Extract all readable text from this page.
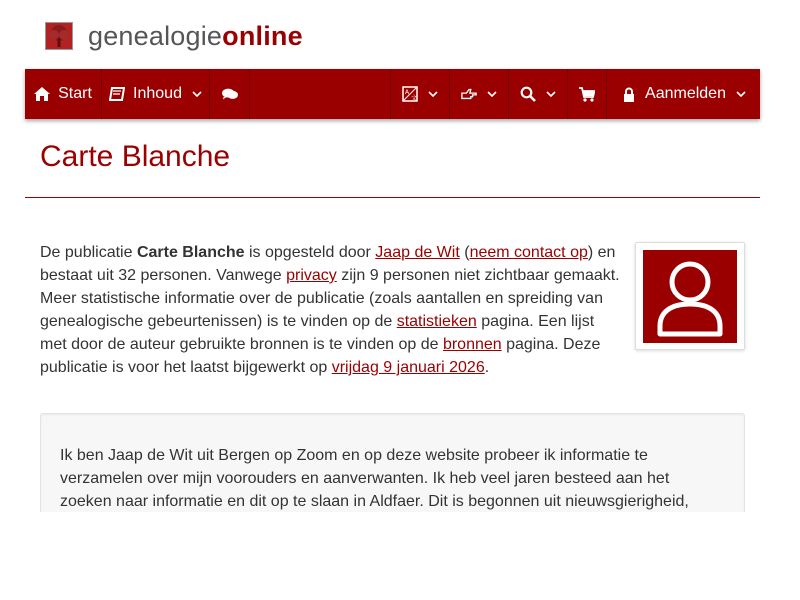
genealogieonline
Start	Inhoud	A
文	Aanmelden
Carte Blanche
De publicatie Carte Blanche is opgesteld door Jaap de Wit (neem contact op) en bestaat uit 32 personen. Vanwege privacy zijn 9 personen niet zichtbaar gemaakt. Meer statistische informatie over de publicatie (zoals aantallen en spreiding van genealogische gebeurtenissen) is te vinden op de statistieken pagina. Een lijst met door de auteur gebruikte bronnen is te vinden op de bronnen pagina. Deze publicatie is voor het laatst bijgewerkt op vrijdag 9 januari 2026.

Ik ben Jaap de Wit uit Bergen op Zoom en op deze website probeer ik informatie te verzamelen over mijn voorouders en aanverwanten. Ik heb veel jaren besteed aan het zoeken naar informatie en dit op te slaan in Aldfaer. Dit is begonnen uit nieuwsgierigheid,
